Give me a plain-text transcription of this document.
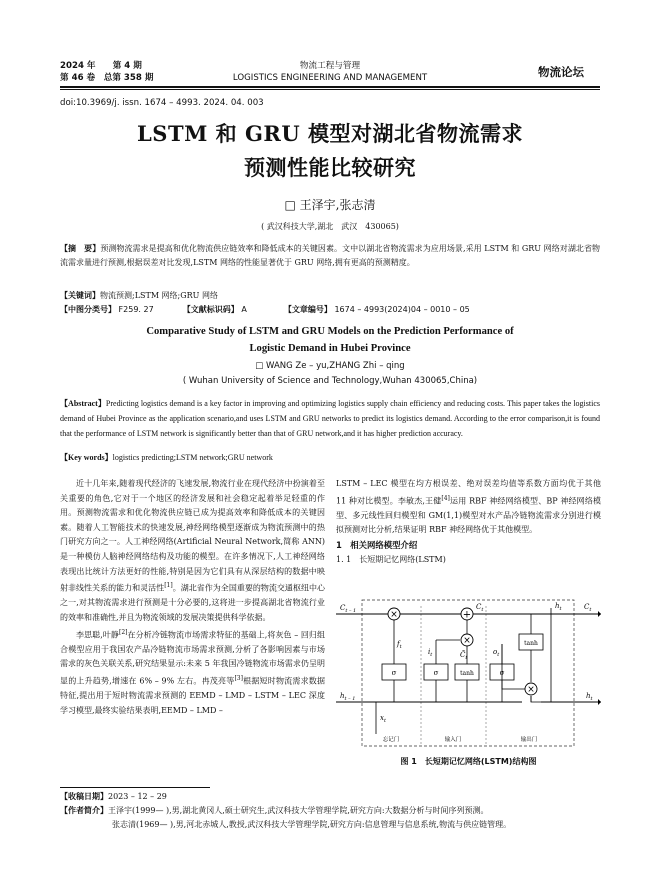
2024 年　　第 4 期
第 46 卷　总第 358 期
物流工程与管理
LOGISTICS ENGINEERING AND MANAGEMENT	物流论坛
doi:10.3969/j. issn. 1674 – 4993. 2024. 04. 003
LSTM 和 GRU 模型对湖北省物流需求
预测性能比较研究
□ 王泽宇,张志清
( 武汉科技大学,湖北　武汉　430065)
【摘　要】预测物流需求是提高和优化物流供应链效率和降低成本的关键因素。文中以湖北省物流需求为应用场景,采用 LSTM 和 GRU 网络对湖北省物流需求量进行预测,根据误差对比发现,LSTM 网络的性能显著优于 GRU 网络,拥有更高的预测精度。
【关键词】物流预测;LSTM 网络;GRU 网络
【中图分类号】 F259. 27	【文献标识码】 A	【文章编号】 1674 – 4993(2024)04 – 0010 – 05
Comparative Study of LSTM and GRU Models on the Prediction Performance of
Logistic Demand in Hubei Province
□ WANG Ze – yu,ZHANG Zhi – qing
( Wuhan University of Science and Technology,Wuhan 430065,China)
【Abstract】Predicting logistics demand is a key factor in improving and optimizing logistics supply chain efficiency and reducing costs. This paper takes the logistics demand of Hubei Province as the application scenario,and uses LSTM and GRU networks to predict its logistics demand. According to the error comparison,it is found that the performance of LSTM network is significantly better than that of GRU network,and it has higher prediction accuracy.
【Key words】logistics predicting;LSTM network;GRU network

近十几年来,随着现代经济的飞速发展,物流行业在现代经济中扮演着至关重要的角色,它对于一个地区的经济发展和社会稳定起着举足轻重的作用。预测物流需求和优化物流供应链已成为提高效率和降低成本的关键因素。随着人工智能技术的快速发展,神经网络模型逐渐成为物流预测中的热门研究方向之一。人工神经网络(Artificial Neural Network,简称 ANN)是一种模仿人脑神经网络结构及功能的模型。在许多情况下,人工神经网络表现出比统计方法更好的性能,特别是因为它们具有从深层结构的数据中映射非线性关系的能力和灵活性[1]。湖北省作为全国重要的物流交通枢纽中心之一,对其物流需求进行预测是十分必要的,这将进一步提高湖北省物流行业的效率和准确性,并且为物流领域的发展决策提供科学依据。

李思聪,叶静[2]在分析冷链物流市场需求特征的基础上,将灰色 – 回归组合模型应用于我国农产品冷链物流市场需求预测,分析了各影响因素与市场需求的灰色关联关系,研究结果显示:未来 5 年我国冷链物流市场需求仍呈明显的上升趋势,增速在 6% – 9% 左右。冉茂亮等[3]根据短时物流需求数据特征,提出用于短时物流需求预测的 EEMD – LMD – LSTM – LEC 深度学习模型,最终实验结果表明,EEMD – LMD –

LSTM – LEC 模型在均方根误差、绝对误差均值等系数方面均优于其他 11 种对比模型。李敏杰,王健[4]运用 RBF 神经网络模型、BP 神经网络模型、多元线性回归模型和 GM(1,1)模型对水产品冷链物流需求分别进行模拟预测对比分析,结果证明 RBF 神经网络优于其他模型。
1　相关网络模型介绍
1. 1　长短期记忆网络(LSTM)
σ	σ	tanh	σ
tanh
×	+
×
×
$C_{t - 1}$	$C_t$	$C_t$
$h_{t - 1}$
$h_t$
$h_t$
$x_t$
$f_t$
$i_t$	$C̃_t$
$o_t$
忘记门	输入门	输出门
图 1　长短期记忆网络(LSTM)结构图
【收稿日期】2023 – 12 – 29
【作者简介】王泽宇(1999— ),男,湖北黄冈人,硕士研究生,武汉科技大学管理学院,研究方向:大数据分析与时间序列预测。
张志清(1969— ),男,河北赤城人,教授,武汉科技大学管理学院,研究方向:信息管理与信息系统,物流与供应链管理。
